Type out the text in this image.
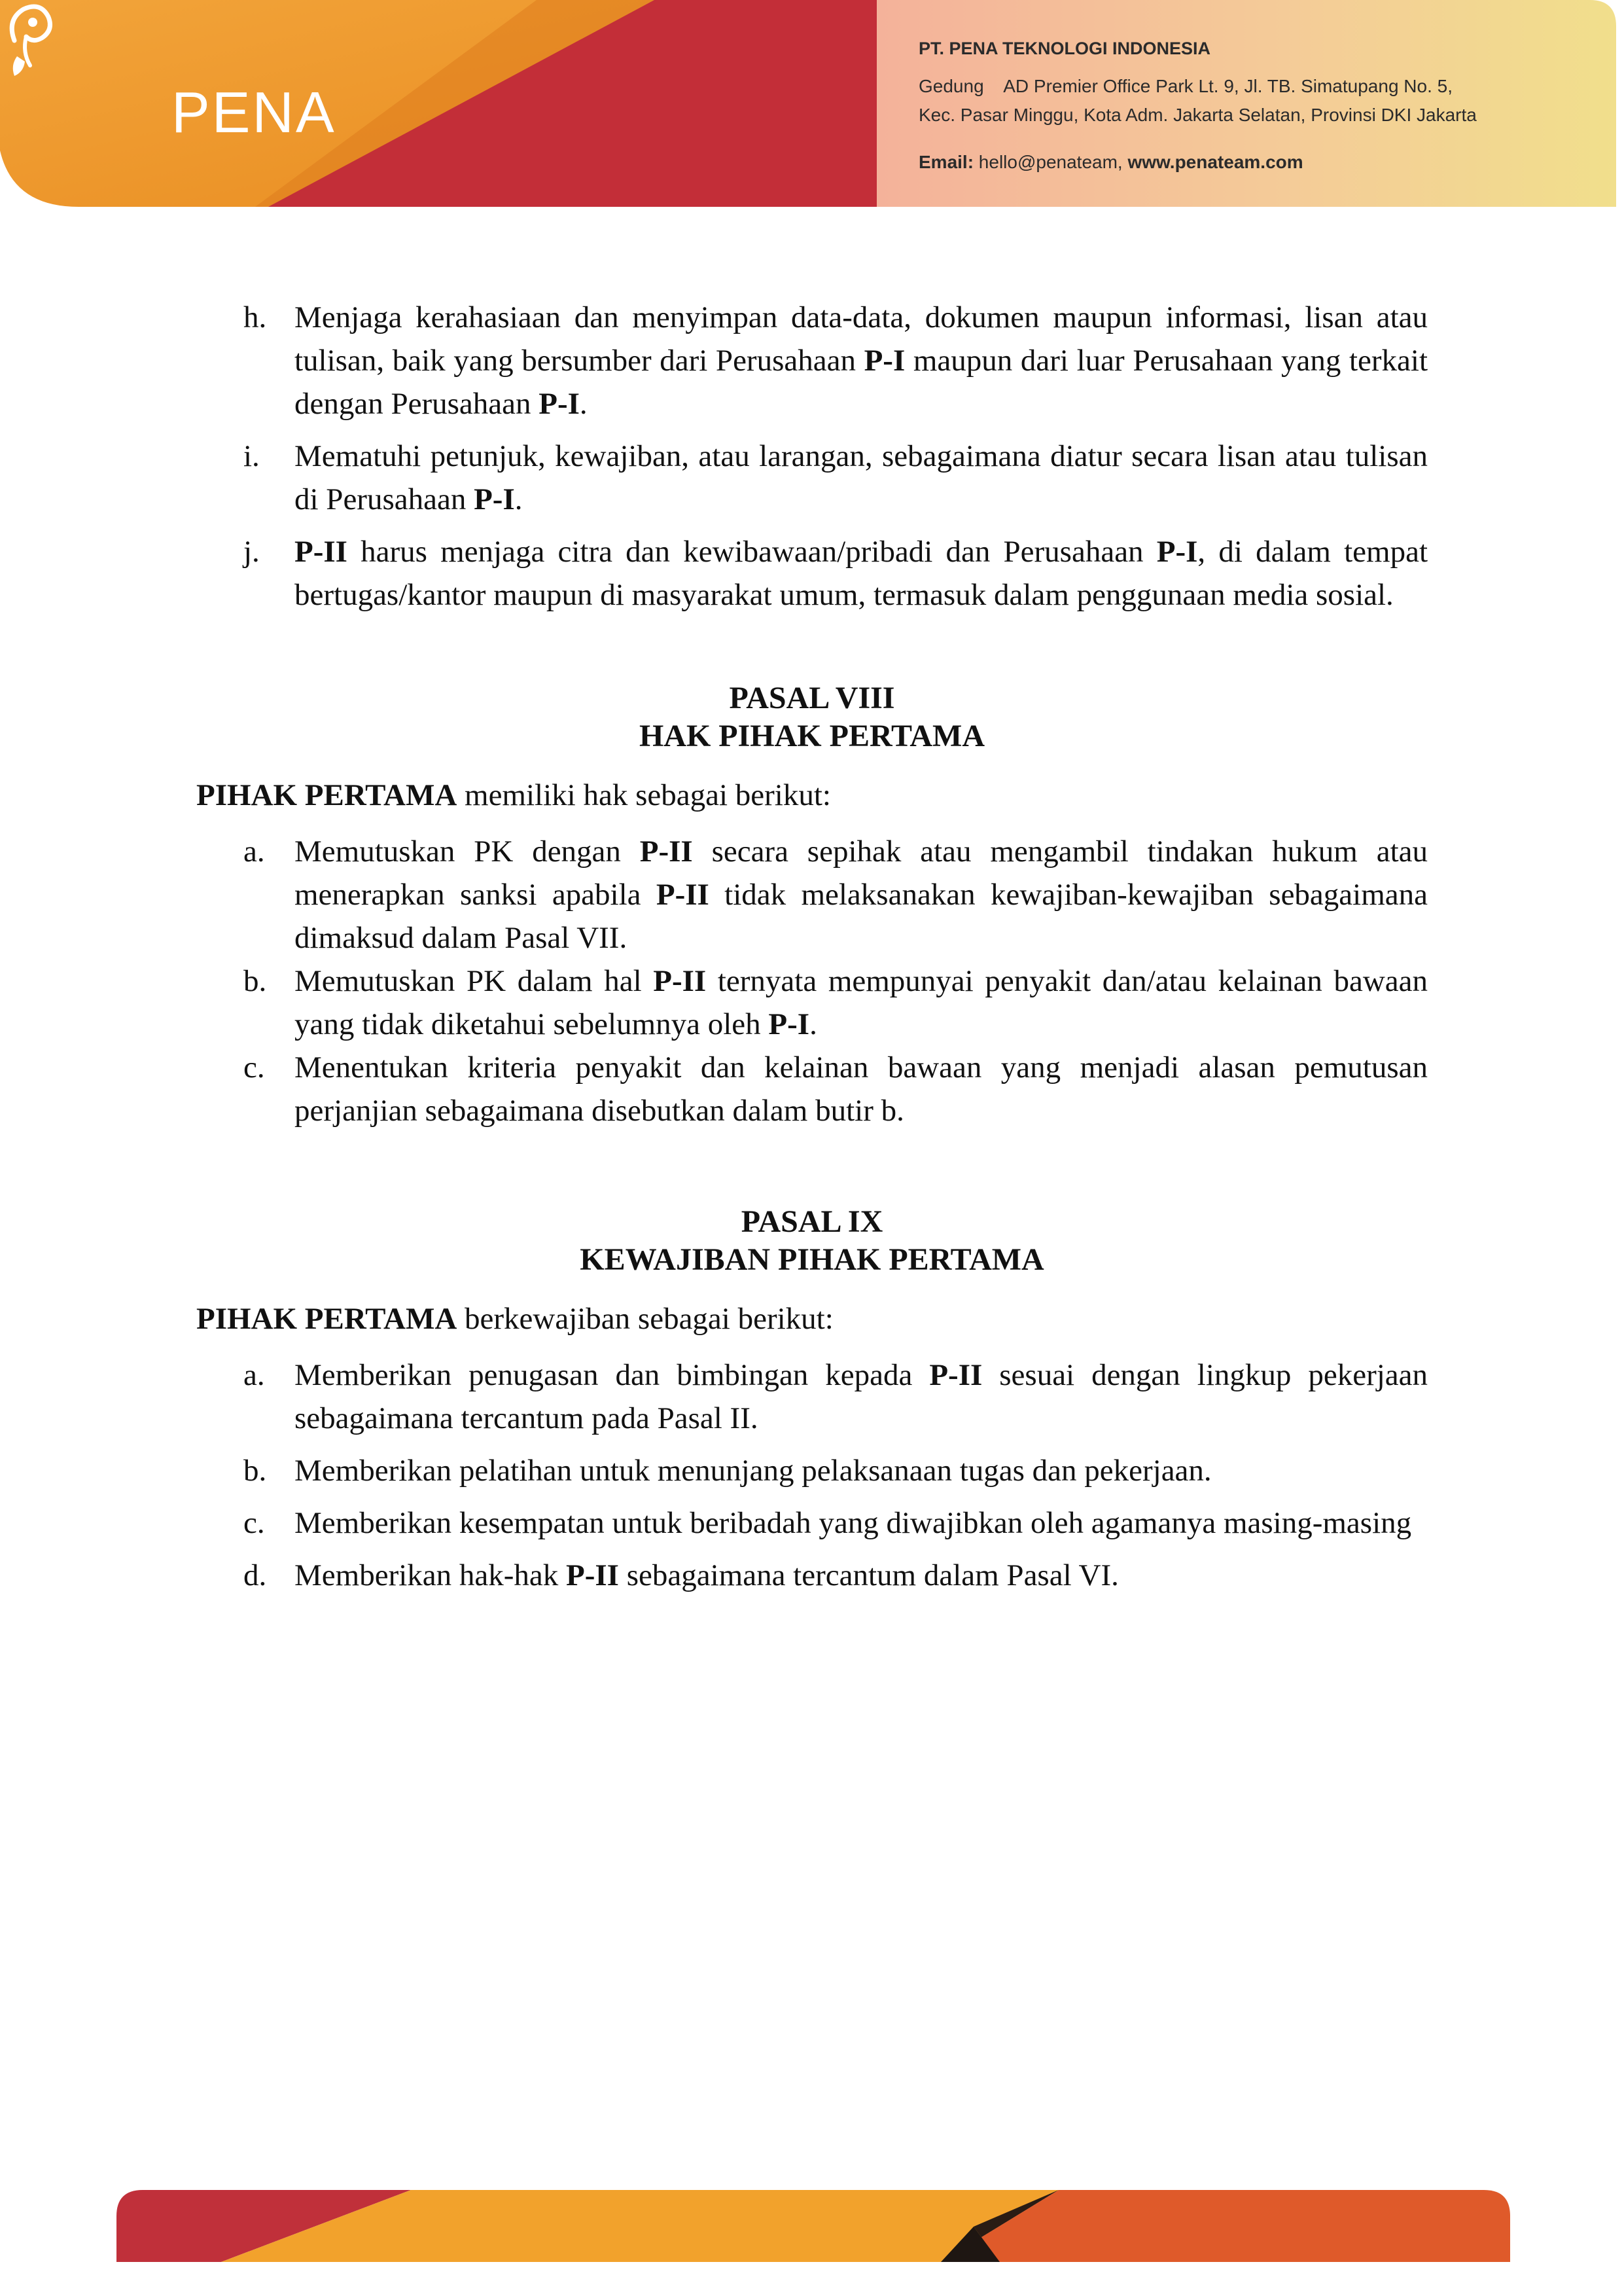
PENA
PT. PENA TEKNOLOGI INDONESIA
Gedung    AD Premier Office Park Lt. 9, Jl. TB. Simatupang No. 5,
Kec. Pasar Minggu, Kota Adm. Jakarta Selatan, Provinsi DKI Jakarta
Email: hello@penateam, www.penateam.com
h. Menjaga kerahasiaan dan menyimpan data-data, dokumen maupun informasi, lisan atau tulisan, baik yang bersumber dari Perusahaan P-I maupun dari luar Perusahaan yang terkait dengan Perusahaan P-I.
i.	Mematuhi petunjuk, kewajiban, atau larangan, sebagaimana diatur secara lisan atau tulisan di Perusahaan P-I.
j.	P-II harus menjaga citra dan kewibawaan/pribadi dan Perusahaan P-I, di dalam tempat bertugas/kantor maupun di masyarakat umum, termasuk dalam penggunaan media sosial.
PASAL VIII
HAK PIHAK PERTAMA
PIHAK PERTAMA memiliki hak sebagai berikut:
a. Memutuskan PK dengan P-II secara sepihak atau mengambil tindakan hukum atau menerapkan sanksi apabila P-II tidak melaksanakan kewajiban-kewajiban sebagaimana dimaksud dalam Pasal VII.
b. Memutuskan PK dalam hal P-II ternyata mempunyai penyakit dan/atau kelainan bawaan yang tidak diketahui sebelumnya oleh P-I.
c. Menentukan kriteria penyakit dan kelainan bawaan yang menjadi alasan pemutusan perjanjian sebagaimana disebutkan dalam butir b.
PASAL IX
KEWAJIBAN PIHAK PERTAMA
PIHAK PERTAMA berkewajiban sebagai berikut:
a. Memberikan penugasan dan bimbingan kepada P-II sesuai dengan lingkup pekerjaan sebagaimana tercantum pada Pasal II.
b. Memberikan pelatihan untuk menunjang pelaksanaan tugas dan pekerjaan.
c. Memberikan kesempatan untuk beribadah yang diwajibkan oleh agamanya masing-masing
d. Memberikan hak-hak P-II sebagaimana tercantum dalam Pasal VI.
